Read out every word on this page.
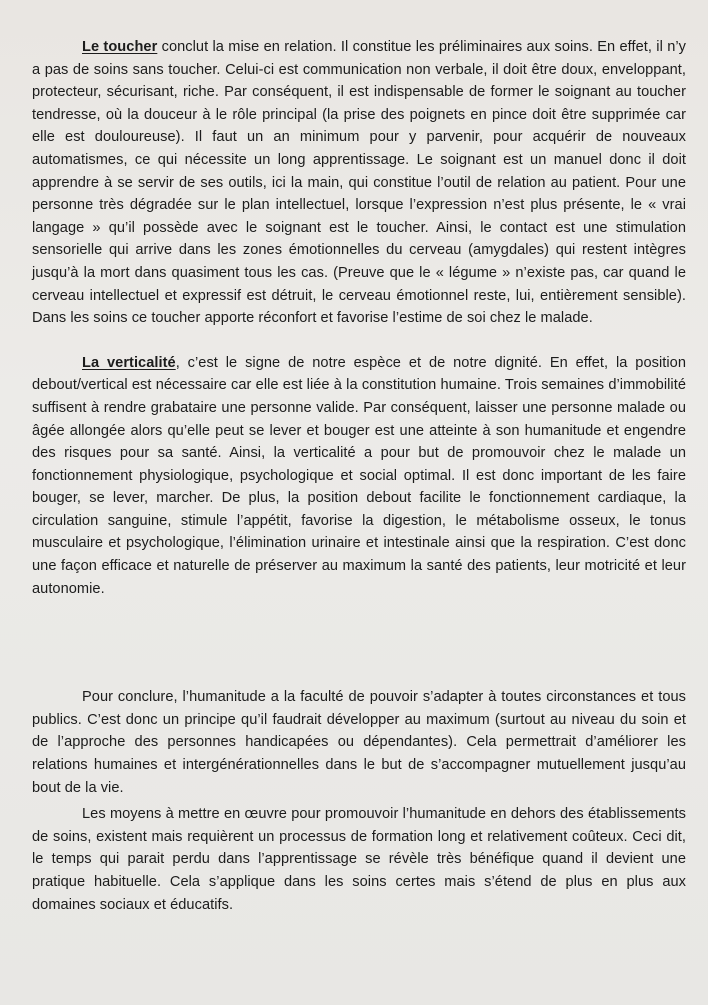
Le toucher conclut la mise en relation. Il constitue les préliminaires aux soins. En effet, il n’y a pas de soins sans toucher. Celui-ci est communication non verbale, il doit être doux, enveloppant, protecteur, sécurisant, riche. Par conséquent, il est indispensable de former le soignant au toucher tendresse, où la douceur à le rôle principal (la prise des poignets en pince doit être supprimée car elle est douloureuse). Il faut un an minimum pour y parvenir, pour acquérir de nouveaux automatismes, ce qui nécessite un long apprentissage. Le soignant est un manuel donc il doit apprendre à se servir de ses outils, ici la main, qui constitue l’outil de relation au patient. Pour une personne très dégradée sur le plan intellectuel, lorsque l’expression n’est plus présente, le « vrai langage » qu’il possède avec le soignant est le toucher. Ainsi, le contact est une stimulation sensorielle qui arrive dans les zones émotionnelles du cerveau (amygdales) qui restent intègres jusqu’à la mort dans quasiment tous les cas. (Preuve que le « légume » n’existe pas, car quand le cerveau intellectuel et expressif est détruit, le cerveau émotionnel reste, lui, entièrement sensible). Dans les soins ce toucher apporte réconfort et favorise l’estime de soi chez le malade.

La verticalité, c’est le signe de notre espèce et de notre dignité. En effet, la position debout/vertical est nécessaire car elle est liée à la constitution humaine. Trois semaines d’immobilité suffisent à rendre grabataire une personne valide. Par conséquent, laisser une personne malade ou âgée allongée alors qu’elle peut se lever et bouger est une atteinte à son humanitude et engendre des risques pour sa santé. Ainsi, la verticalité a pour but de promouvoir chez le malade un fonctionnement physiologique, psychologique et social optimal. Il est donc important de les faire bouger, se lever, marcher. De plus, la position debout facilite le fonctionnement cardiaque, la circulation sanguine, stimule l’appétit, favorise la digestion, le métabolisme osseux, le tonus musculaire et psychologique, l’élimination urinaire et intestinale ainsi que la respiration. C’est donc une façon efficace et naturelle de préserver au maximum la santé des patients, leur motricité et leur autonomie.

Pour conclure, l’humanitude a la faculté de pouvoir s’adapter à toutes circonstances et tous publics. C’est donc un principe qu’il faudrait développer au maximum (surtout au niveau du soin et de l’approche des personnes handicapées ou dépendantes). Cela permettrait d’améliorer les relations humaines et intergénérationnelles dans le but de s’accompagner mutuellement jusqu’au bout de la vie.

Les moyens à mettre en œuvre pour promouvoir l’humanitude en dehors des établissements de soins, existent mais requièrent un processus de formation long et relativement coûteux. Ceci dit, le temps qui parait perdu dans l’apprentissage se révèle très bénéfique quand il devient une pratique habituelle. Cela s’applique dans les soins certes mais s’étend de plus en plus aux domaines sociaux et éducatifs.
